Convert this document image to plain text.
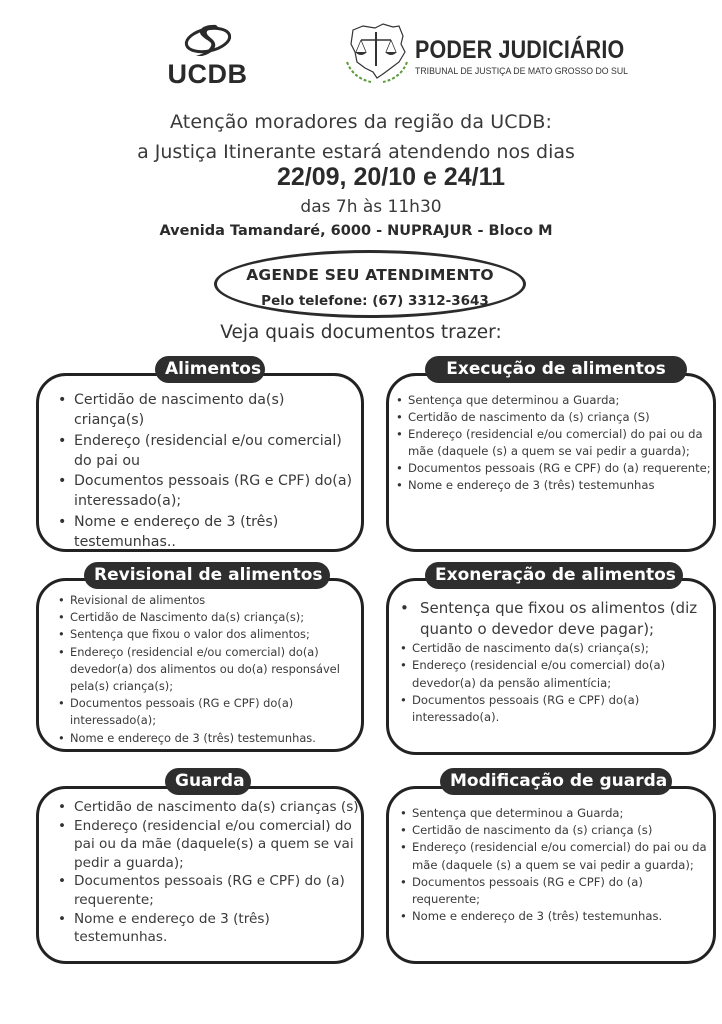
UCDB
PODER JUDICIÁRIO
TRIBUNAL DE JUSTIÇA DE MATO GROSSO DO SUL
Atenção moradores da região da UCDB:
a Justiça Itinerante estará atendendo nos dias
22/09, 20/10 e 24/11
das 7h às 11h30
Avenida Tamandaré, 6000 - NUPRAJUR - Bloco M
AGENDE SEU ATENDIMENTO
Pelo telefone: (67) 3312-3643
Veja quais documentos trazer:
Alimentos
• Certidão de nascimento da(s) criança(s)
• Endereço (residencial e/ou comercial) do pai ou
• Documentos pessoais (RG e CPF) do(a) interessado(a);
• Nome e endereço de 3 (três) testemunhas..
Execução de alimentos
• Sentença que determinou a Guarda;
• Certidão de nascimento da (s) criança (S)
• Endereço (residencial e/ou comercial) do pai ou da mãe (daquele (s) a quem se vai pedir a guarda);
• Documentos pessoais (RG e CPF) do (a) requerente;
• Nome e endereço de 3 (três) testemunhas
Revisional de alimentos
• Revisional de alimentos
• Certidão de Nascimento da(s) criança(s);
• Sentença que fixou o valor dos alimentos;
• Endereço (residencial e/ou comercial) do(a) devedor(a) dos alimentos ou do(a) responsável pela(s) criança(s);
• Documentos pessoais (RG e CPF) do(a) interessado(a);
• Nome e endereço de 3 (três) testemunhas.
Exoneração de alimentos
• Sentença que fixou os alimentos (diz quanto o devedor deve pagar);
• Certidão de nascimento da(s) criança(s);
• Endereço (residencial e/ou comercial) do(a) devedor(a) da pensão alimentícia;
• Documentos pessoais (RG e CPF) do(a) interessado(a).
Guarda
• Certidão de nascimento da(s) crianças (s)
• Endereço (residencial e/ou comercial) do pai ou da mãe (daquele(s) a quem se vai pedir a guarda);
• Documentos pessoais (RG e CPF) do (a) requerente;
• Nome e endereço de 3 (três) testemunhas.
Modificação de guarda
• Sentença que determinou a Guarda;
• Certidão de nascimento da (s) criança (s)
• Endereço (residencial e/ou comercial) do pai ou da mãe (daquele (s) a quem se vai pedir a guarda);
• Documentos pessoais (RG e CPF) do (a) requerente;
• Nome e endereço de 3 (três) testemunhas.
